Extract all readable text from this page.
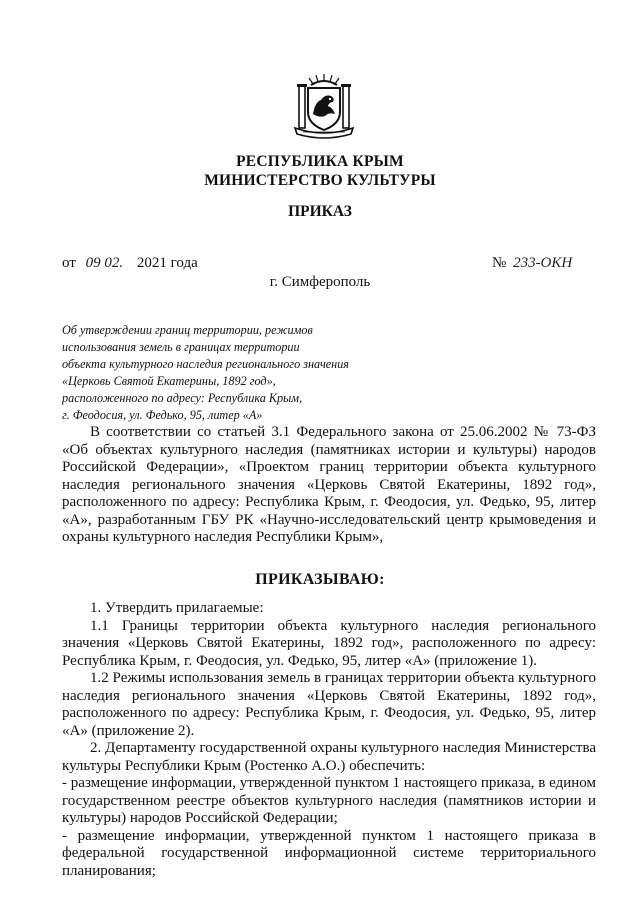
РЕСПУБЛИКА КРЫМ
МИНИСТЕРСТВО КУЛЬТУРЫ
ПРИКАЗ
от 09 02. 2021 года	№ 233-ОКН
г. Симферополь
Об утверждении границ территории, режимов
использования земель в границах территории
объекта культурного наследия регионального значения
«Церковь Святой Екатерины, 1892 год»,
расположенного по адресу: Республика Крым,
г. Феодосия, ул. Федько, 95, литер «А»

В соответствии со статьей 3.1 Федерального закона от 25.06.2002 № 73-ФЗ «Об объектах культурного наследия (памятниках истории и культуры) народов Российской Федерации», «Проектом границ территории объекта культурного наследия регионального значения «Церковь Святой Екатерины, 1892 год», расположенного по адресу: Республика Крым, г. Феодосия, ул. Федько, 95, литер «А», разработанным ГБУ РК «Научно-исследовательский центр крымоведения и охраны культурного наследия Республики Крым»,

ПРИКАЗЫВАЮ:

1. Утвердить прилагаемые:

1.1 Границы территории объекта культурного наследия регионального значения «Церковь Святой Екатерины, 1892 год», расположенного по адресу: Республика Крым, г. Феодосия, ул. Федько, 95, литер «А» (приложение 1).

1.2 Режимы использования земель в границах территории объекта культурного наследия регионального значения «Церковь Святой Екатерины, 1892 год», расположенного по адресу: Республика Крым, г. Феодосия, ул. Федько, 95, литер «А» (приложение 2).

2. Департаменту государственной охраны культурного наследия Министерства культуры Республики Крым (Ростенко А.О.) обеспечить:

- размещение информации, утвержденной пунктом 1 настоящего приказа, в едином государственном реестре объектов культурного наследия (памятников истории и культуры) народов Российской Федерации;

- размещение информации, утвержденной пунктом 1 настоящего приказа в федеральной государственной информационной системе территориального планирования;
